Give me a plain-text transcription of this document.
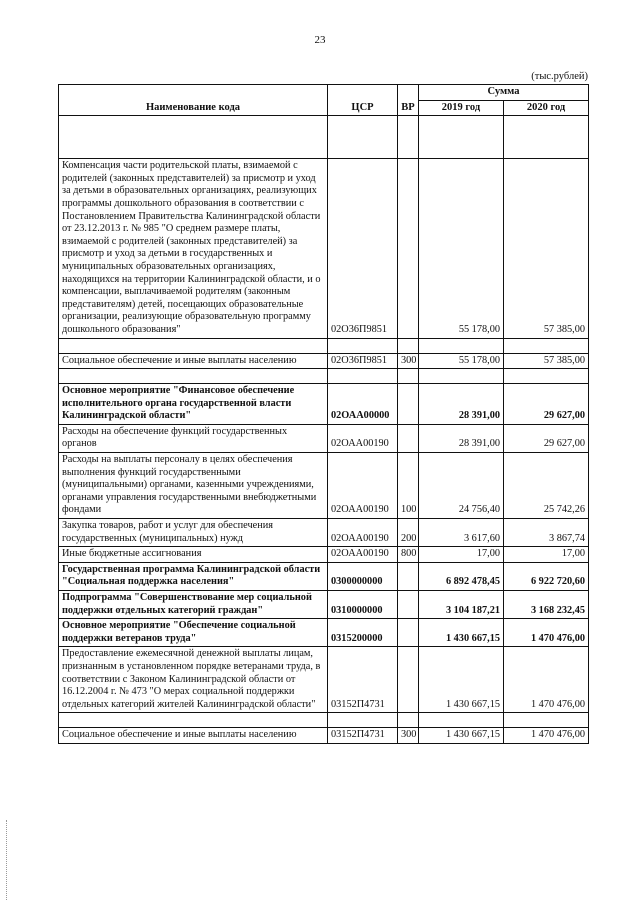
23
(тыс.рублей)
Наименование кода	ЦСР	ВР	Сумма	
			2019 год	2020 год

Компенсация части родительской платы, взимаемой с родителей (законных представителей) за присмотр и уход за детьми в образовательных организациях, реализующих программы дошкольного образования в соответствии с Постановлением Правительства Калининградской области от 23.12.2013 г. № 985 "О среднем размере платы, взимаемой с родителей (законных представителей) за присмотр и уход за детьми в государственных и муниципальных образовательных организациях, находящихся на территории Калининградской области, и о компенсации, выплачиваемой родителям (законным представителям) детей, посещающих образовательные организации, реализующие образовательную программу дошкольного образования"	02О36П9851		55 178,00	57 385,00

Социальное обеспечение и иные выплаты населению	02О36П9851	300	55 178,00	57 385,00

Основное мероприятие "Финансовое обеспечение исполнительного органа государственной власти Калининградской области"	02ОАА00000		28 391,00	29 627,00
Расходы на обеспечение функций государственных органов	02ОАА00190		28 391,00	29 627,00
Расходы на выплаты персоналу в целях обеспечения выполнения функций государственными (муниципальными) органами, казенными учреждениями, органами управления государственными внебюджетными фондами	02ОАА00190	100	24 756,40	25 742,26
Закупка товаров, работ и услуг для обеспечения государственных (муниципальных) нужд	02ОАА00190	200	3 617,60	3 867,74
Иные бюджетные ассигнования	02ОАА00190	800	17,00	17,00
Государственная программа Калининградской области "Социальная поддержка населения"	0300000000		6 892 478,45	6 922 720,60
Подпрограмма "Совершенствование мер социальной поддержки отдельных категорий граждан"	0310000000		3 104 187,21	3 168 232,45
Основное мероприятие "Обеспечение социальной поддержки ветеранов труда"	0315200000		1 430 667,15	1 470 476,00
Предоставление ежемесячной денежной выплаты лицам, признанным в установленном порядке ветеранами труда, в соответствии с Законом Калининградской области от 16.12.2004 г. № 473 "О мерах социальной поддержки отдельных категорий жителей Калининградской области"	03152П4731		1 430 667,15	1 470 476,00

Социальное обеспечение и иные выплаты населению	03152П4731	300	1 430 667,15	1 470 476,00
